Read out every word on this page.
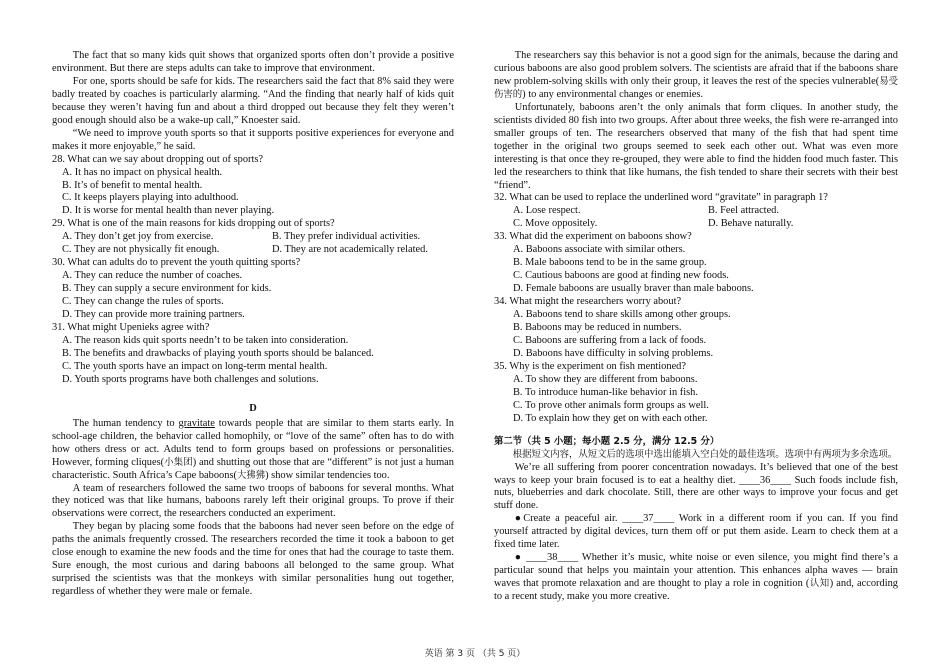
The fact that so many kids quit shows that organized sports often don’t provide a positive environment. But there are steps adults can take to improve that environment.

For one, sports should be safe for kids. The researchers said the fact that 8% said they were badly treated by coaches is particularly alarming. “And the finding that nearly half of kids quit because they weren’t having fun and about a third dropped out because they felt they weren’t good enough should also be a wake-up call,” Knoester said.

“We need to improve youth sports so that it supports positive experiences for everyone and makes it more enjoyable,” he said.

28. What can we say about dropping out of sports?

A. It has no impact on physical health.

B. It’s of benefit to mental health.

C. It keeps players playing into adulthood.

D. It is worse for mental health than never playing.

29. What is one of the main reasons for kids dropping out of sports?

A. They don’t get joy from exercise.	B. They prefer individual activities.
C. They are not physically fit enough.	D. They are not academically related.

30. What can adults do to prevent the youth quitting sports?

A. They can reduce the number of coaches.

B. They can supply a secure environment for kids.

C. They can change the rules of sports.

D. They can provide more training partners.

31. What might Upenieks agree with?

A. The reason kids quit sports needn’t to be taken into consideration.

B. The benefits and drawbacks of playing youth sports should be balanced.

C. The youth sports have an impact on long-term mental health.

D. Youth sports programs have both challenges and solutions.

D

The human tendency to gravitate towards people that are similar to them starts early. In school-age children, the behavior called homophily, or “love of the same” often has to do with how others dress or act. Adults tend to form groups based on professions or personalities. However, forming cliques(小集团) and shutting out those that are “different” is not just a human characteristic. South Africa’s Cape baboons(大狒狒) show similar tendencies too.

A team of researchers followed the same two troops of baboons for several months. What they noticed was that like humans, baboons rarely left their original groups. To prove if their observations were correct, the researchers conducted an experiment.

They began by placing some foods that the baboons had never seen before on the edge of paths the animals frequently crossed. The researchers recorded the time it took a baboon to get close enough to examine the new foods and the time for ones that had the courage to taste them. Sure enough, the most curious and daring baboons all belonged to the same group. What surprised the scientists was that the monkeys with similar personalities hung out together, regardless of whether they were male or female.

The researchers say this behavior is not a good sign for the animals, because the daring and curious baboons are also good problem solvers. The scientists are afraid that if the baboons share new problem-solving skills with only their group, it leaves the rest of the species vulnerable(易受伤害的) to any environmental changes or enemies.

Unfortunately, baboons aren’t the only animals that form cliques. In another study, the scientists divided 80 fish into two groups. After about three weeks, the fish were re-arranged into smaller groups of ten. The researchers observed that many of the fish that had spent time together in the original two groups seemed to seek each other out. What was even more interesting is that once they re-grouped, they were able to find the hidden food much faster. This led the researchers to think that like humans, the fish tended to share their secrets with their best “friend”.

32. What can be used to replace the underlined word “gravitate” in paragraph 1?

A. Lose respect.	B. Feel attracted.
C. Move oppositely.	D. Behave naturally.

33. What did the experiment on baboons show?

A. Baboons associate with similar others.

B. Male baboons tend to be in the same group.

C. Cautious baboons are good at finding new foods.

D. Female baboons are usually braver than male baboons.

34. What might the researchers worry about?

A. Baboons tend to share skills among other groups.

B. Baboons may be reduced in numbers.

C. Baboons are suffering from a lack of foods.

D. Baboons have difficulty in solving problems.

35. Why is the experiment on fish mentioned?

A. To show they are different from baboons.

B. To introduce human-like behavior in fish.

C. To prove other animals form groups as well.

D. To explain how they get on with each other.

第二节（共 5 小题；每小题 2.5 分，满分 12.5 分）

根据短文内容，从短文后的选项中选出能填入空白处的最佳选项。选项中有两项为多余选项。

We’re all suffering from poorer concentration nowadays. It’s believed that one of the best ways to keep your brain focused is to eat a healthy diet. ____36____ Such foods include fish, nuts, blueberries and dark chocolate. Still, there are other ways to improve your focus and get stuff done.

●Create a peaceful air. ____37____ Work in a different room if you can. If you find yourself attracted by digital devices, turn them off or put them aside. Learn to check them at a fixed time later.

● ____38____ Whether it’s music, white noise or even silence, you might find there’s a particular sound that helps you maintain your attention. This enhances alpha waves — brain waves that promote relaxation and are thought to play a role in cognition (认知) and, according to a recent study, make you more creative.

英语 第 3 页 （共 5 页）
